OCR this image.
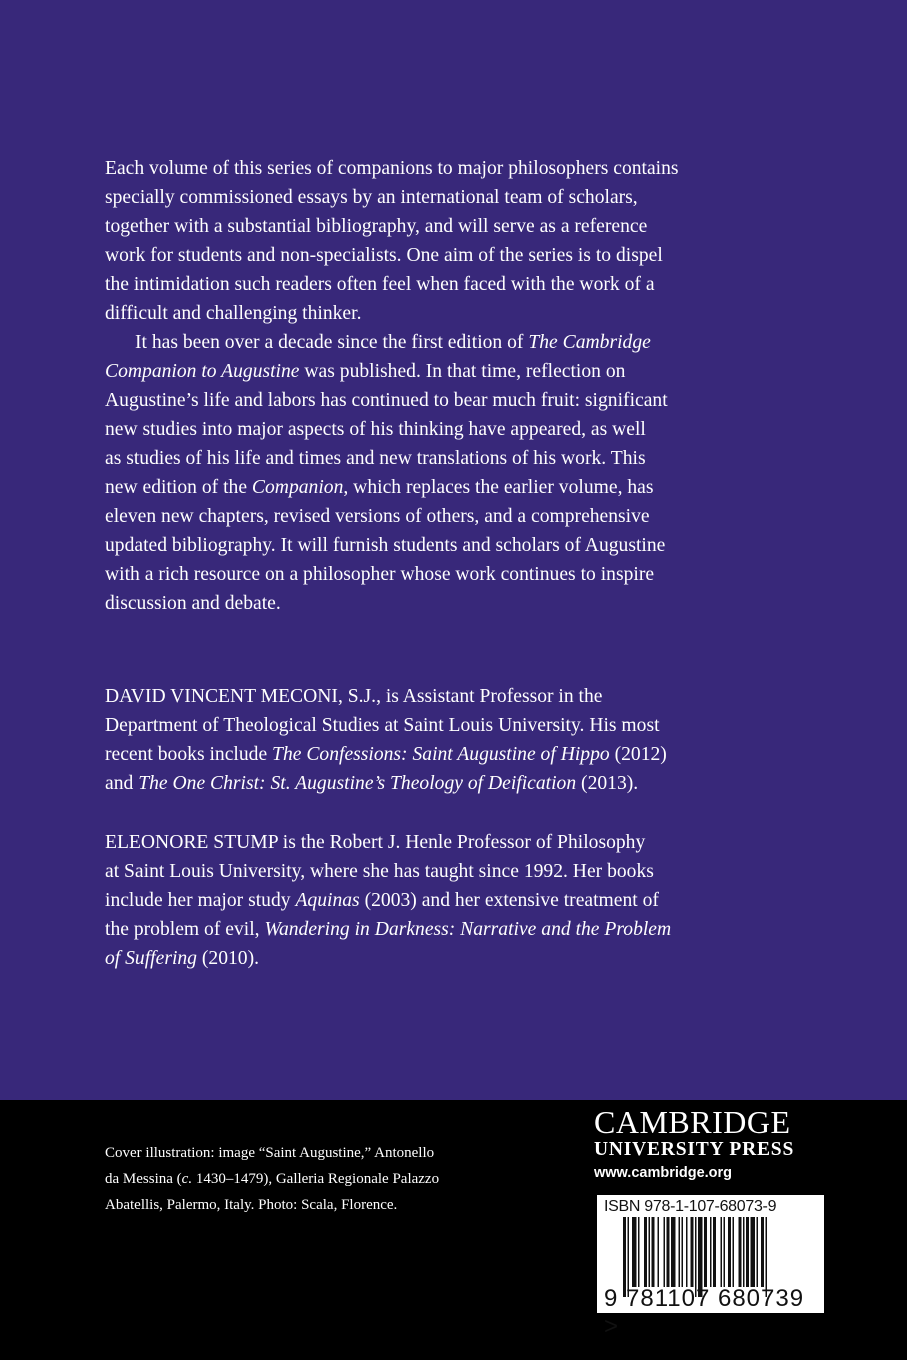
Each volume of this series of companions to major philosophers contains
specially commissioned essays by an international team of scholars,
together with a substantial bibliography, and will serve as a reference
work for students and non-specialists. One aim of the series is to dispel
the intimidation such readers often feel when faced with the work of a
difficult and challenging thinker.
It has been over a decade since the first edition of The Cambridge
Companion to Augustine was published. In that time, reflection on
Augustine’s life and labors has continued to bear much fruit: significant
new studies into major aspects of his thinking have appeared, as well
as studies of his life and times and new translations of his work. This
new edition of the Companion, which replaces the earlier volume, has
eleven new chapters, revised versions of others, and a comprehensive
updated bibliography. It will furnish students and scholars of Augustine
with a rich resource on a philosopher whose work continues to inspire
discussion and debate.
DAVID VINCENT MECONI, S.J., is Assistant Professor in the
Department of Theological Studies at Saint Louis University. His most
recent books include The Confessions: Saint Augustine of Hippo (2012)
and The One Christ: St. Augustine’s Theology of Deification (2013).
ELEONORE STUMP is the Robert J. Henle Professor of Philosophy
at Saint Louis University, where she has taught since 1992. Her books
include her major study Aquinas (2003) and her extensive treatment of
the problem of evil, Wandering in Darkness: Narrative and the Problem
of Suffering (2010).
Cover illustration: image “Saint Augustine,” Antonello
da Messina (c. 1430–1479), Galleria Regionale Palazzo
Abatellis, Palermo, Italy. Photo: Scala, Florence.
CAMBRIDGE
UNIVERSITY PRESS
www.cambridge.org
ISBN 978-1-107-68073-9
9 781107 680739 >
